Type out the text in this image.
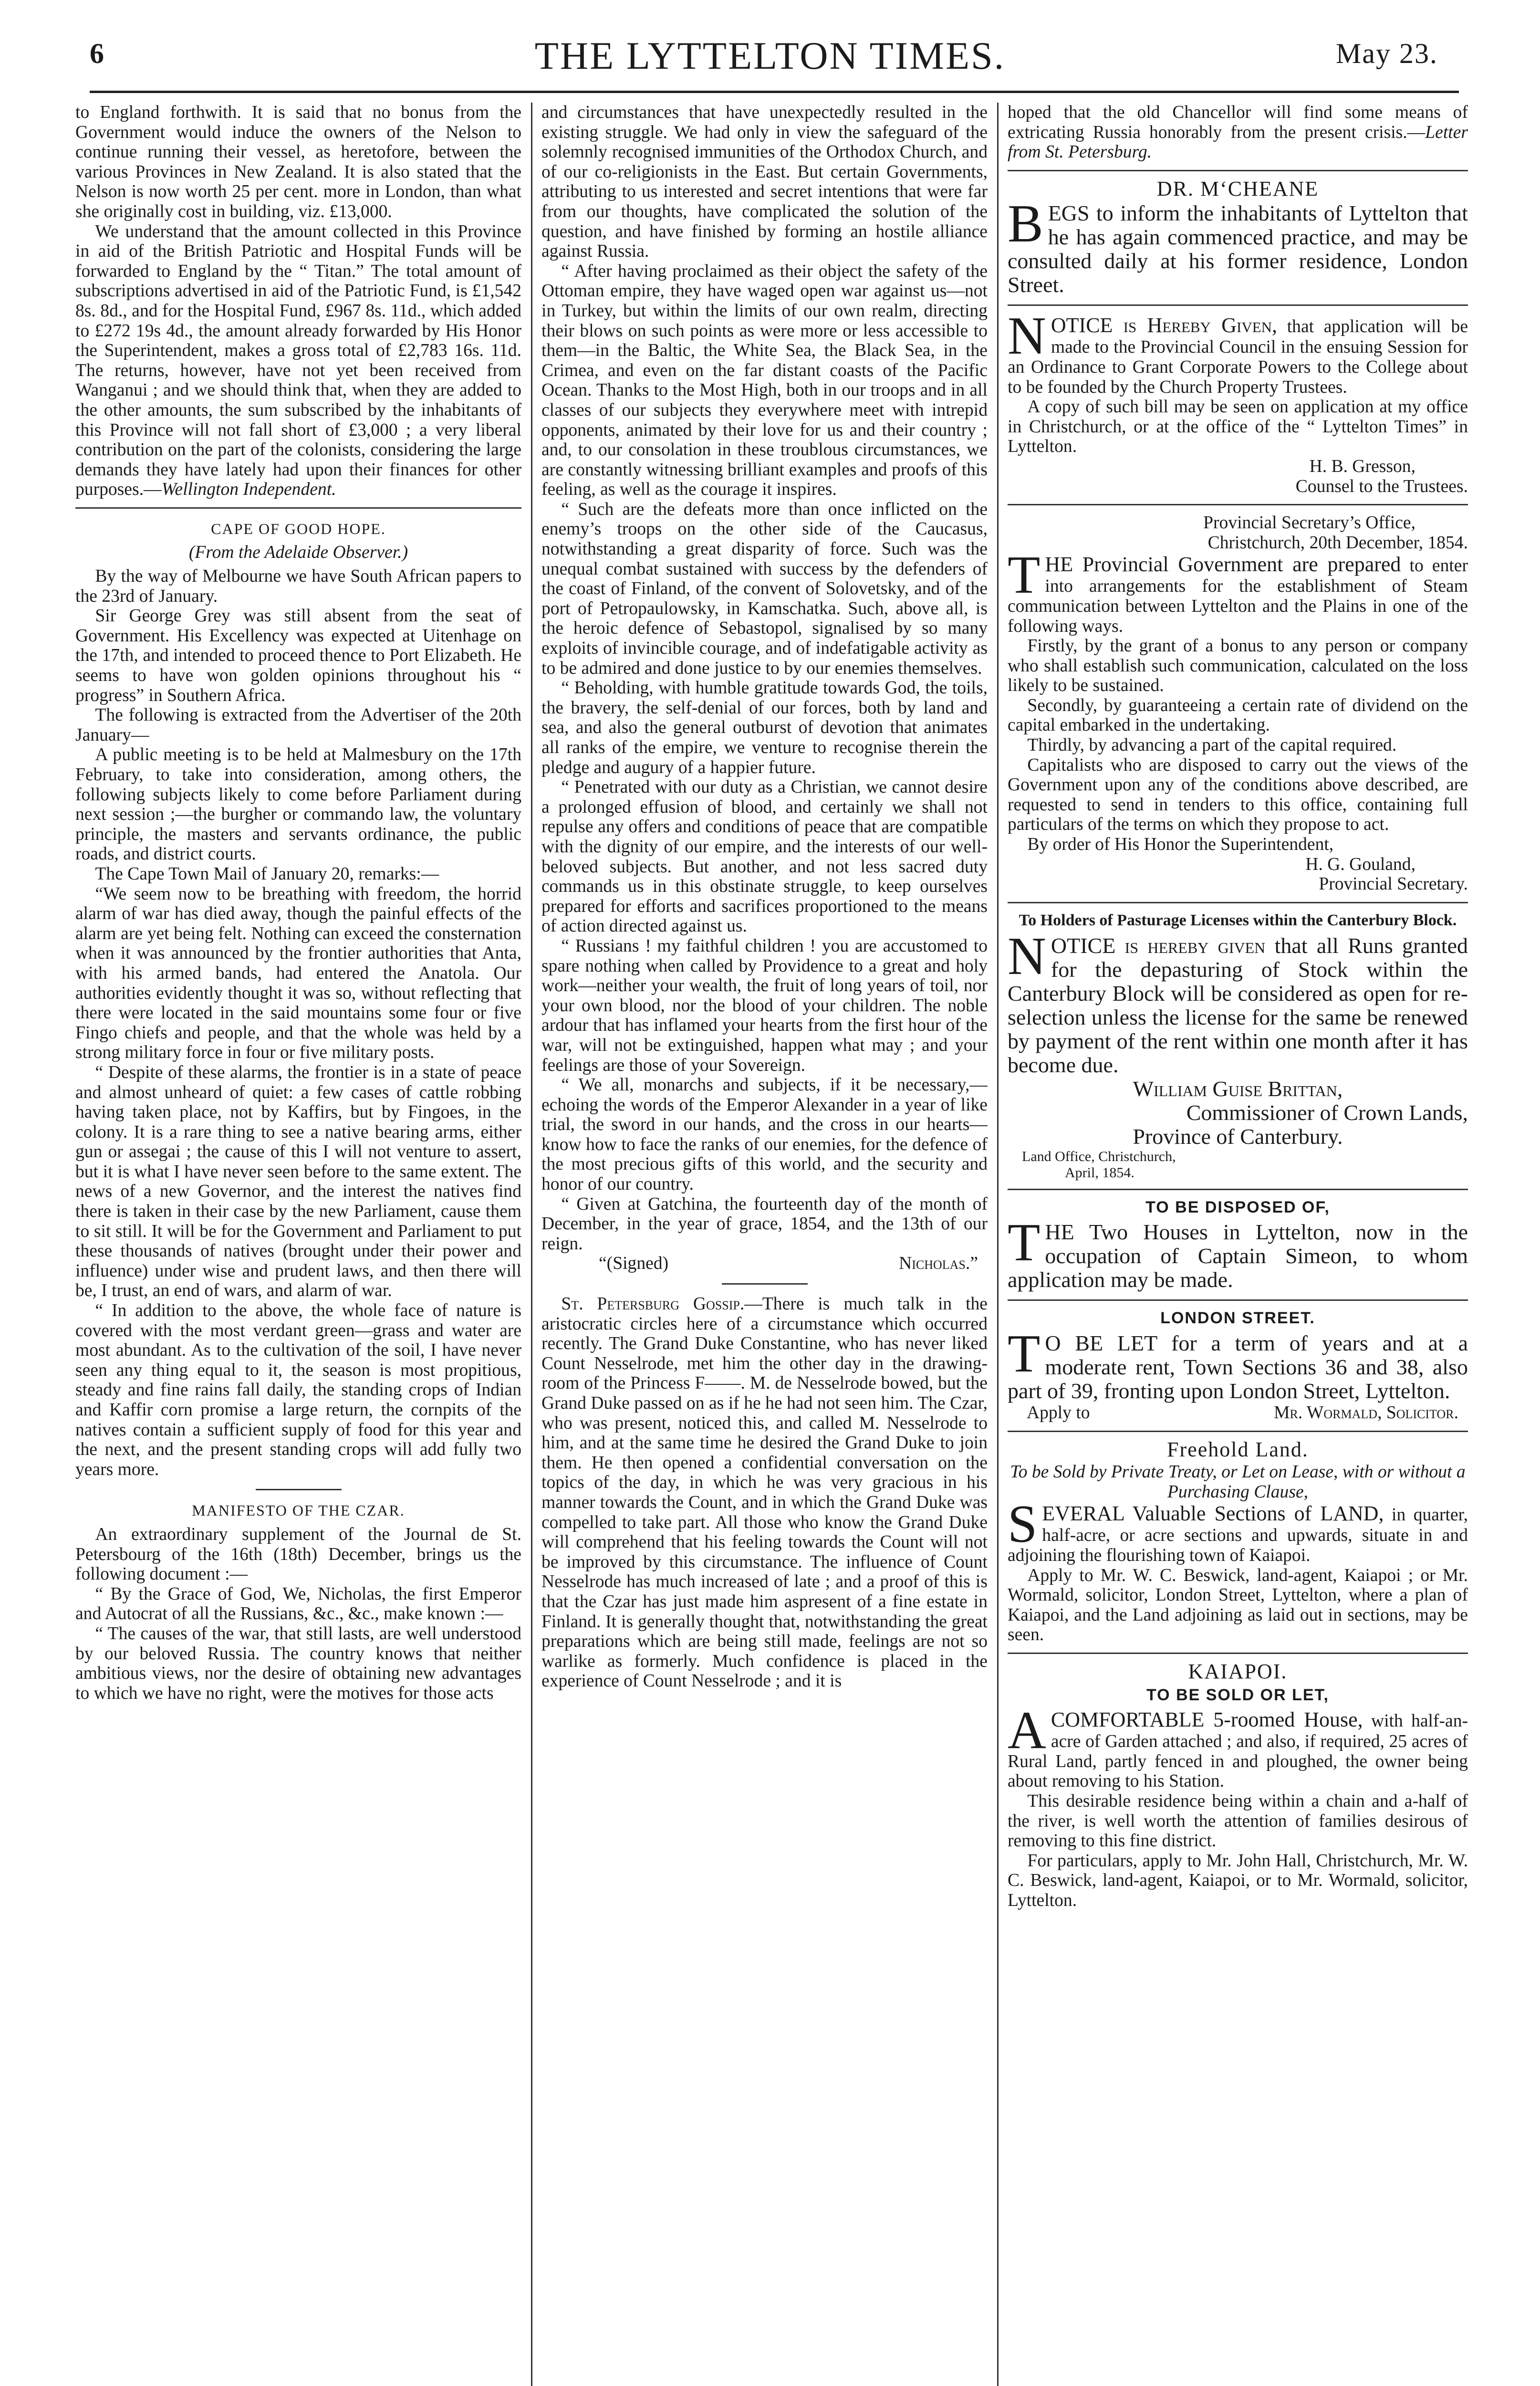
6	THE LYTTELTON TIMES.	May 23.

to England forthwith. It is said that no bonus from the Government would induce the owners of the Nelson to continue running their vessel, as heretofore, between the various Provinces in New Zealand. It is also stated that the Nelson is now worth 25 per cent. more in London, than what she originally cost in building, viz. £13,000.

We understand that the amount collected in this Province in aid of the British Patriotic and Hospital Funds will be forwarded to England by the “ Titan.” The total amount of subscriptions advertised in aid of the Patriotic Fund, is £1,542 8s. 8d., and for the Hospital Fund, £967 8s. 11d., which added to £272 19s 4d., the amount already forwarded by His Honor the Superintendent, makes a gross total of £2,783 16s. 11d. The returns, however, have not yet been received from Wanganui ; and we should think that, when they are added to the other amounts, the sum subscribed by the inhabitants of this Province will not fall short of £3,000 ; a very liberal contribution on the part of the colonists, considering the large demands they have lately had upon their finances for other purposes.—Wellington Independent.

CAPE OF GOOD HOPE.
(From the Adelaide Observer.)

By the way of Melbourne we have South African papers to the 23rd of January.

Sir George Grey was still absent from the seat of Government. His Excellency was expected at Uitenhage on the 17th, and intended to proceed thence to Port Elizabeth. He seems to have won golden opinions throughout his “ progress” in Southern Africa.

The following is extracted from the Advertiser of the 20th January—

A public meeting is to be held at Malmesbury on the 17th February, to take into consideration, among others, the following subjects likely to come before Parliament during next session ;—the burgher or commando law, the voluntary principle, the masters and servants ordinance, the public roads, and district courts.

The Cape Town Mail of January 20, remarks:—

“We seem now to be breathing with freedom, the horrid alarm of war has died away, though the painful effects of the alarm are yet being felt. Nothing can exceed the consternation when it was announced by the frontier authorities that Anta, with his armed bands, had entered the Anatola. Our authorities evidently thought it was so, without reflecting that there were located in the said mountains some four or five Fingo chiefs and people, and that the whole was held by a strong military force in four or five military posts.

“ Despite of these alarms, the frontier is in a state of peace and almost unheard of quiet: a few cases of cattle robbing having taken place, not by Kaffirs, but by Fingoes, in the colony. It is a rare thing to see a native bearing arms, either gun or assegai ; the cause of this I will not venture to assert, but it is what I have never seen before to the same extent. The news of a new Governor, and the interest the natives find there is taken in their case by the new Parliament, cause them to sit still. It will be for the Government and Parliament to put these thousands of natives (brought under their power and influence) under wise and prudent laws, and then there will be, I trust, an end of wars, and alarm of war.

“ In addition to the above, the whole face of nature is covered with the most verdant green—grass and water are most abundant. As to the cultivation of the soil, I have never seen any thing equal to it, the season is most propitious, steady and fine rains fall daily, the standing crops of Indian and Kaffir corn promise a large return, the cornpits of the natives contain a sufficient supply of food for this year and the next, and the present standing crops will add fully two years more.

MANIFESTO OF THE CZAR.

An extraordinary supplement of the Journal de St. Petersbourg of the 16th (18th) December, brings us the following document :—

“ By the Grace of God, We, Nicholas, the first Emperor and Autocrat of all the Russians, &c., &c., make known :—

“ The causes of the war, that still lasts, are well understood by our beloved Russia. The country knows that neither ambitious views, nor the desire of obtaining new advantages to which we have no right, were the motives for those acts

and circumstances that have unexpectedly resulted in the existing struggle. We had only in view the safeguard of the solemnly recognised immunities of the Orthodox Church, and of our co-religionists in the East. But certain Governments, attributing to us interested and secret intentions that were far from our thoughts, have complicated the solution of the question, and have finished by forming an hostile alliance against Russia.

“ After having proclaimed as their object the safety of the Ottoman empire, they have waged open war against us—not in Turkey, but within the limits of our own realm, directing their blows on such points as were more or less accessible to them—in the Baltic, the White Sea, the Black Sea, in the Crimea, and even on the far distant coasts of the Pacific Ocean. Thanks to the Most High, both in our troops and in all classes of our subjects they everywhere meet with intrepid opponents, animated by their love for us and their country ; and, to our consolation in these troublous circumstances, we are constantly witnessing brilliant examples and proofs of this feeling, as well as the courage it inspires.

“ Such are the defeats more than once inflicted on the enemy’s troops on the other side of the Caucasus, notwithstanding a great disparity of force. Such was the unequal combat sustained with success by the defenders of the coast of Finland, of the convent of Solovetsky, and of the port of Petropaulowsky, in Kamschatka. Such, above all, is the heroic defence of Sebastopol, signalised by so many exploits of invincible courage, and of indefatigable activity as to be admired and done justice to by our enemies themselves.

“ Beholding, with humble gratitude towards God, the toils, the bravery, the self-denial of our forces, both by land and sea, and also the general outburst of devotion that animates all ranks of the empire, we venture to recognise therein the pledge and augury of a happier future.

“ Penetrated with our duty as a Christian, we cannot desire a prolonged effusion of blood, and certainly we shall not repulse any offers and conditions of peace that are compatible with the dignity of our empire, and the interests of our well-beloved subjects. But another, and not less sacred duty commands us in this obstinate struggle, to keep ourselves prepared for efforts and sacrifices proportioned to the means of action directed against us.

“ Russians ! my faithful children ! you are accustomed to spare nothing when called by Providence to a great and holy work—neither your wealth, the fruit of long years of toil, nor your own blood, nor the blood of your children. The noble ardour that has inflamed your hearts from the first hour of the war, will not be extinguished, happen what may ; and your feelings are those of your Sovereign.

“ We all, monarchs and subjects, if it be necessary,—echoing the words of the Emperor Alexander in a year of like trial, the sword in our hands, and the cross in our hearts—know how to face the ranks of our enemies, for the defence of the most precious gifts of this world, and the security and honor of our country.

“ Given at Gatchina, the fourteenth day of the month of December, in the year of grace, 1854, and the 13th of our reign.

“(Signed)	Nicholas.”

St. Petersburg Gossip.—There is much talk in the aristocratic circles here of a circumstance which occurred recently. The Grand Duke Constantine, who has never liked Count Nesselrode, met him the other day in the drawing-room of the Princess F——. M. de Nesselrode bowed, but the Grand Duke passed on as if he he had not seen him. The Czar, who was present, noticed this, and called M. Nesselrode to him, and at the same time he desired the Grand Duke to join them. He then opened a confidential conversation on the topics of the day, in which he was very gracious in his manner towards the Count, and in which the Grand Duke was compelled to take part. All those who know the Grand Duke will comprehend that his feeling towards the Count will not be improved by this circumstance. The influence of Count Nesselrode has much increased of late ; and a proof of this is that the Czar has just made him aspresent of a fine estate in Finland. It is generally thought that, notwithstanding the great preparations which are being still made, feelings are not so warlike as formerly. Much confidence is placed in the experience of Count Nesselrode ; and it is

hoped that the old Chancellor will find some means of extricating Russia honorably from the present crisis.—Letter from St. Petersburg.

DR. M‘CHEANE

BEGS to inform the inhabitants of Lyttelton that he has again commenced practice, and may be consulted daily at his former residence, London Street.

NOTICE is Hereby Given, that application will be made to the Provincial Council in the ensuing Session for an Ordinance to Grant Corporate Powers to the College about to be founded by the Church Property Trustees.

A copy of such bill may be seen on application at my office in Christchurch, or at the office of the “ Lyttelton Times” in Lyttelton.

H. B. Gresson,

Counsel to the Trustees.

Provincial Secretary’s Office,

Christchurch, 20th December, 1854.

THE Provincial Government are prepared to enter into arrangements for the establishment of Steam communication between Lyttelton and the Plains in one of the following ways.

Firstly, by the grant of a bonus to any person or company who shall establish such communication, calculated on the loss likely to be sustained.

Secondly, by guaranteeing a certain rate of dividend on the capital embarked in the undertaking.

Thirdly, by advancing a part of the capital required.

Capitalists who are disposed to carry out the views of the Government upon any of the conditions above described, are requested to send in tenders to this office, containing full particulars of the terms on which they propose to act.

By order of His Honor the Superintendent,

H. G. Gouland,

Provincial Secretary.

To Holders of Pasturage Licenses within the Canterbury Block.

NOTICE is hereby given that all Runs granted for the depasturing of Stock within the Canterbury Block will be considered as open for re-selection unless the license for the same be renewed by payment of the rent within one month after it has become due.

William Guise Brittan,

Commissioner of Crown Lands,

Province of Canterbury.

Land Office, Christchurch,

April, 1854.

TO BE DISPOSED OF,

THE Two Houses in Lyttelton, now in the occupation of Captain Simeon, to whom application may be made.

LONDON STREET.

T O BE LET for a term of years and at a moderate rent, Town Sections 36 and 38, also part of 39, fronting upon London Street, Lyttelton.

Apply to	Mr. Wormald, Solicitor.

Freehold Land.

To be Sold by Private Treaty, or Let on Lease, with or without a Purchasing Clause,

SEVERAL Valuable Sections of LAND, in quarter, half-acre, or acre sections and upwards, situate in and adjoining the flourishing town of Kaiapoi.

Apply to Mr. W. C. Beswick, land-agent, Kaiapoi ; or Mr. Wormald, solicitor, London Street, Lyttelton, where a plan of Kaiapoi, and the Land adjoining as laid out in sections, may be seen.

KAIAPOI.
TO BE SOLD OR LET,

ACOMFORTABLE 5-roomed House, with half-an-acre of Garden attached ; and also, if required, 25 acres of Rural Land, partly fenced in and ploughed, the owner being about removing to his Station.

This desirable residence being within a chain and a-half of the river, is well worth the attention of families desirous of removing to this fine district.

For particulars, apply to Mr. John Hall, Christchurch, Mr. W. C. Beswick, land-agent, Kaiapoi, or to Mr. Wormald, solicitor, Lyttelton.
